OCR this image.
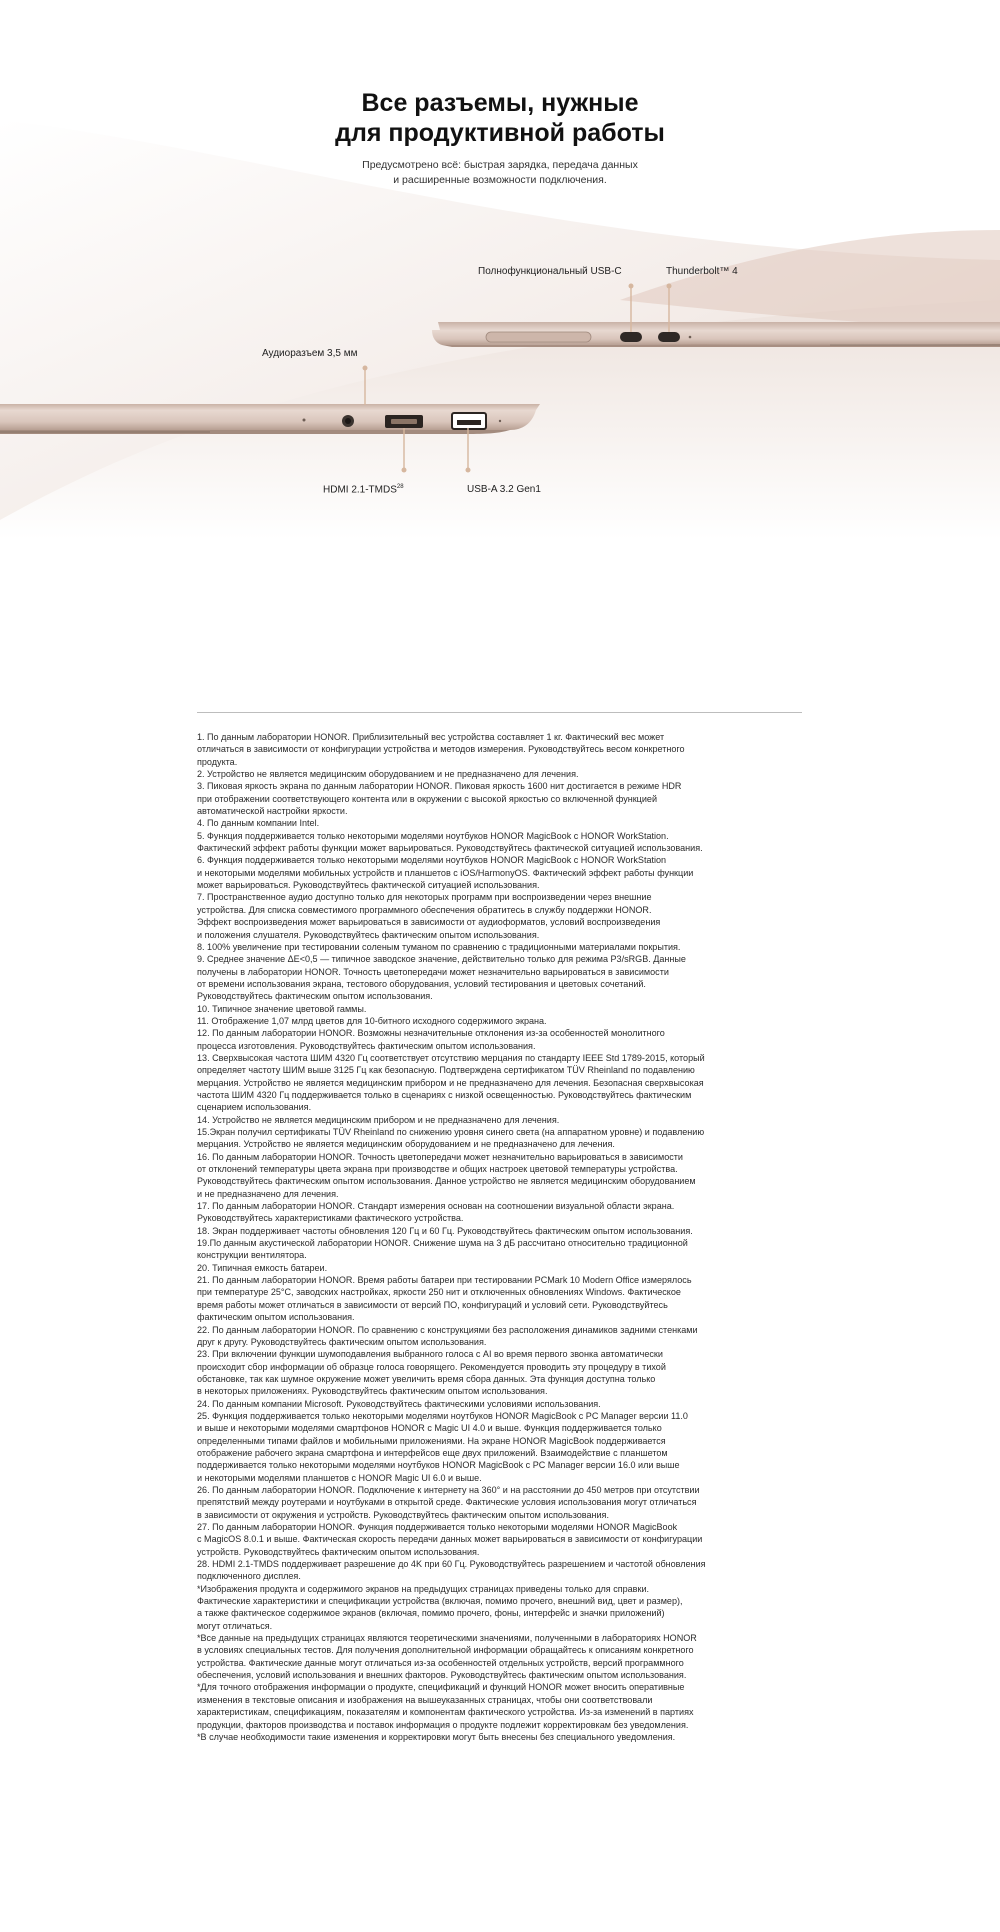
Все разъемы, нужные
для продуктивной работы

Предусмотрено всё: быстрая зарядка, передача данных
и расширенные возможности подключения.

Полнофункциональный USB-C	Thunderbolt™ 4
Аудиоразъем 3,5 мм
HDMI 2.1-TMDS$^{28}$	USB-A 3.2 Gen1

1. По данным лаборатории HONOR. Приблизительный вес устройства составляет 1 кг. Фактический вес может
отличаться в зависимости от конфигурации устройства и методов измерения. Руководствуйтесь весом конкретного
продукта.

2. Устройство не является медицинским оборудованием и не предназначено для лечения.

3. Пиковая яркость экрана по данным лаборатории HONOR. Пиковая яркость 1600 нит достигается в режиме HDR
при отображении соответствующего контента или в окружении с высокой яркостью со включенной функцией
автоматической настройки яркости.

4. По данным компании Intel.

5. Функция поддерживается только некоторыми моделями ноутбуков HONOR MagicBook с HONOR WorkStation.
Фактический эффект работы функции может варьироваться. Руководствуйтесь фактической ситуацией использования.

6. Функция поддерживается только некоторыми моделями ноутбуков HONOR MagicBook с HONOR WorkStation
и некоторыми моделями мобильных устройств и планшетов с iOS/HarmonyOS. Фактический эффект работы функции
может варьироваться. Руководствуйтесь фактической ситуацией использования.

7. Пространственное аудио доступно только для некоторых программ при воспроизведении через внешние
устройства. Для списка совместимого программного обеспечения обратитесь в службу поддержки HONOR.
Эффект воспроизведения может варьироваться в зависимости от аудиоформатов, условий воспроизведения
и положения слушателя. Руководствуйтесь фактическим опытом использования.

8. 100% увеличение при тестировании соленым туманом по сравнению с традиционными материалами покрытия.

9. Среднее значение ΔE<0,5 — типичное заводское значение, действительно только для режима P3/sRGB. Данные
получены в лаборатории HONOR. Точность цветопередачи может незначительно варьироваться в зависимости
от времени использования экрана, тестового оборудования, условий тестирования и цветовых сочетаний.
Руководствуйтесь фактическим опытом использования.

10. Типичное значение цветовой гаммы.

11. Отображение 1,07 млрд цветов для 10-битного исходного содержимого экрана.

12. По данным лаборатории HONOR. Возможны незначительные отклонения из-за особенностей монолитного
процесса изготовления. Руководствуйтесь фактическим опытом использования.

13. Сверхвысокая частота ШИМ 4320 Гц соответствует отсутствию мерцания по стандарту IEEE Std 1789-2015, который
определяет частоту ШИМ выше 3125 Гц как безопасную. Подтверждена сертификатом TÜV Rheinland по подавлению
мерцания. Устройство не является медицинским прибором и не предназначено для лечения. Безопасная сверхвысокая
частота ШИМ 4320 Гц поддерживается только в сценариях с низкой освещенностью. Руководствуйтесь фактическим
сценарием использования.

14. Устройство не является медицинским прибором и не предназначено для лечения.

15.Экран получил сертификаты TÜV Rheinland по снижению уровня синего света (на аппаратном уровне) и подавлению
мерцания. Устройство не является медицинским оборудованием и не предназначено для лечения.

16. По данным лаборатории HONOR. Точность цветопередачи может незначительно варьироваться в зависимости
от отклонений температуры цвета экрана при производстве и общих настроек цветовой температуры устройства.
Руководствуйтесь фактическим опытом использования. Данное устройство не является медицинским оборудованием
и не предназначено для лечения.

17. По данным лаборатории HONOR. Стандарт измерения основан на соотношении визуальной области экрана.
Руководствуйтесь характеристиками фактического устройства.

18. Экран поддерживает частоты обновления 120 Гц и 60 Гц. Руководствуйтесь фактическим опытом использования.

19.По данным акустической лаборатории HONOR. Снижение шума на 3 дБ рассчитано относительно традиционной
конструкции вентилятора.

20. Типичная емкость батареи.

21. По данным лаборатории HONOR. Время работы батареи при тестировании PCMark 10 Modern Office измерялось
при температуре 25°C, заводских настройках, яркости 250 нит и отключенных обновлениях Windows. Фактическое
время работы может отличаться в зависимости от версий ПО, конфигураций и условий сети. Руководствуйтесь
фактическим опытом использования.

22. По данным лаборатории HONOR. По сравнению с конструкциями без расположения динамиков задними стенками
друг к другу. Руководствуйтесь фактическим опытом использования.

23. При включении функции шумоподавления выбранного голоса с AI во время первого звонка автоматически
происходит сбор информации об образце голоса говорящего. Рекомендуется проводить эту процедуру в тихой
обстановке, так как шумное окружение может увеличить время сбора данных. Эта функция доступна только
в некоторых приложениях. Руководствуйтесь фактическим опытом использования.

24. По данным компании Microsoft. Руководствуйтесь фактическими условиями использования.

25. Функция поддерживается только некоторыми моделями ноутбуков HONOR MagicBook с PC Manager версии 11.0
и выше и некоторыми моделями смартфонов HONOR с Magic UI 4.0 и выше. Функция поддерживается только
определенными типами файлов и мобильными приложениями. На экране HONOR MagicBook поддерживается
отображение рабочего экрана смартфона и интерфейсов еще двух приложений. Взаимодействие с планшетом
поддерживается только некоторыми моделями ноутбуков HONOR MagicBook с PC Manager версии 16.0 или выше
и некоторыми моделями планшетов с HONOR Magic UI 6.0 и выше.

26. По данным лаборатории HONOR. Подключение к интернету на 360° и на расстоянии до 450 метров при отсутствии
препятствий между роутерами и ноутбуками в открытой среде. Фактические условия использования могут отличаться
в зависимости от окружения и устройств. Руководствуйтесь фактическим опытом использования.

27. По данным лаборатории HONOR. Функция поддерживается только некоторыми моделями HONOR MagicBook
с MagicOS 8.0.1 и выше. Фактическая скорость передачи данных может варьироваться в зависимости от конфигурации
устройств. Руководствуйтесь фактическим опытом использования.

28. HDMI 2.1-TMDS поддерживает разрешение до 4K при 60 Гц. Руководствуйтесь разрешением и частотой обновления
подключенного дисплея.

*Изображения продукта и содержимого экранов на предыдущих страницах приведены только для справки.
Фактические характеристики и спецификации устройства (включая, помимо прочего, внешний вид, цвет и размер),
а также фактическое содержимое экранов (включая, помимо прочего, фоны, интерфейс и значки приложений)
могут отличаться.

*Все данные на предыдущих страницах являются теоретическими значениями, полученными в лабораториях HONOR
в условиях специальных тестов. Для получения дополнительной информации обращайтесь к описаниям конкретного
устройства. Фактические данные могут отличаться из-за особенностей отдельных устройств, версий программного
обеспечения, условий использования и внешних факторов. Руководствуйтесь фактическим опытом использования.

*Для точного отображения информации о продукте, спецификаций и функций HONOR может вносить оперативные
изменения в текстовые описания и изображения на вышеуказанных страницах, чтобы они соответствовали
характеристикам, спецификациям, показателям и компонентам фактического устройства. Из-за изменений в партиях
продукции, факторов производства и поставок информация о продукте подлежит корректировкам без уведомления.

*В случае необходимости такие изменения и корректировки могут быть внесены без специального уведомления.
